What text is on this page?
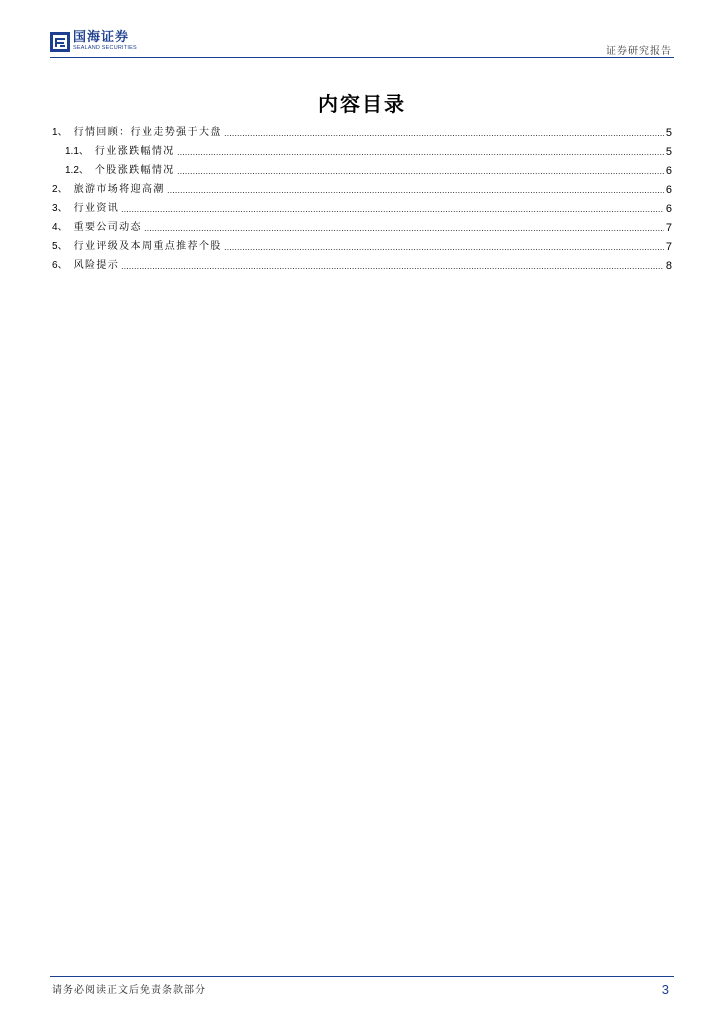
国海证券
SEALAND SECURITIES	证券研究报告
内容目录
1 、 行情回顾：行业走势强于大盘	5
1.1 、 行业涨跌幅情况	5
1.2 、 个股涨跌幅情况	6
2 、 旅游市场将迎高潮	6
3 、 行业资讯	6
4 、 重要公司动态	7
5 、 行业评级及本周重点推荐个股	7
6 、 风险提示	8
请务必阅读正文后免责条款部分	3
